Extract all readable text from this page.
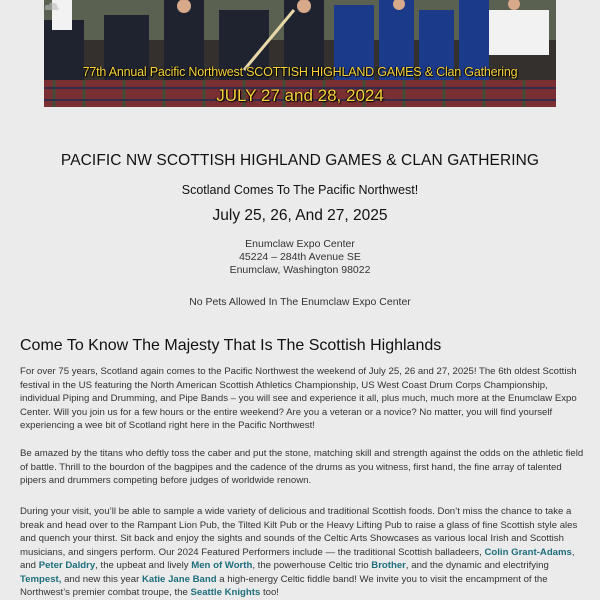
77th Annual Pacific Northwest SCOTTISH HIGHLAND GAMES & Clan Gathering
JULY 27 and 28, 2024
PACIFIC NW SCOTTISH HIGHLAND GAMES & CLAN GATHERING
Scotland Comes To The Pacific Northwest!
July 25, 26, And 27, 2025
Enumclaw Expo Center
45224 – 284th Avenue SE
Enumclaw, Washington 98022
No Pets Allowed In The Enumclaw Expo Center
Come To Know The Majesty That Is The Scottish Highlands

For over 75 years, Scotland again comes to the Pacific Northwest the weekend of July 25, 26 and 27, 2025! The 6th oldest Scottish festival in the US featuring the North American Scottish Athletics Championship, US West Coast Drum Corps Championship, individual Piping and Drumming, and Pipe Bands – you will see and experience it all, plus much, much more at the Enumclaw Expo Center. Will you join us for a few hours or the entire weekend? Are you a veteran or a novice? No matter, you will find yourself experiencing a wee bit of Scotland right here in the Pacific Northwest!

Be amazed by the titans who deftly toss the caber and put the stone, matching skill and strength against the odds on the athletic field of battle. Thrill to the bourdon of the bagpipes and the cadence of the drums as you witness, first hand, the fine array of talented pipers and drummers competing before judges of worldwide renown.

During your visit, you’ll be able to sample a wide variety of delicious and traditional Scottish foods. Don’t miss the chance to take a break and head over to the Rampant Lion Pub, the Tilted Kilt Pub or the Heavy Lifting Pub to raise a glass of fine Scottish style ales and quench your thirst. Sit back and enjoy the sights and sounds of the Celtic Arts Showcases as various local Irish and Scottish musicians, and singers perform. Our 2024 Featured Performers include — the traditional Scottish balladeers, Colin Grant-Adams, and Peter Daldry, the upbeat and lively Men of Worth, the powerhouse Celtic trio Brother, and the dynamic and electrifying Tempest, and new this year Katie Jane Band a high-energy Celtic fiddle band! We invite you to visit the encampment of the Northwest’s premier combat troupe, the Seattle Knights too!
